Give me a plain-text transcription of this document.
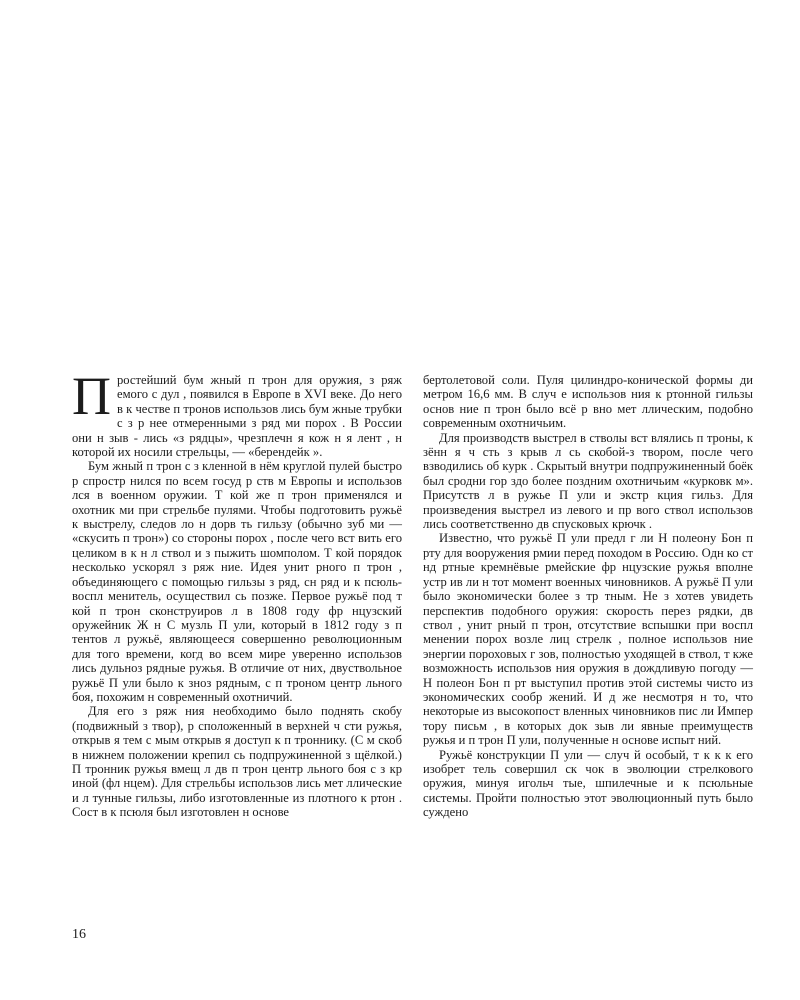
Простейший бум жный п трон для оружия, з ряж емого с дул , появился в Европе в XVI веке. До него в к честве п тронов использов лись бум жные трубки с з р нее отмеренными з ряд ми порох . В России они н зыв - лись «з рядцы», чрезплечн я кож н я лент , н которой их носили стрельцы, — «берендейк ».

Бум жный п трон с з кленной в нём круглой пулей быстро р спростр нился по всем госуд р ств м Европы и использов лся в военном оружии. Т кой же п трон применялся и охотник ми при стрельбе пулями. Чтобы подготовить ружьё к выстрелу, следов ло н дорв ть гильзу (обычно зуб ми — «скусить п трон») со стороны порох , после чего вст вить его целиком в к н л ствол и з пыжить шомполом. Т кой порядок несколько ускорял з ряж ние. Идея унит рного п трон , объединяющего с помощью гильзы з ряд, сн ряд и к псюль-воспл менитель, осуществил сь позже. Первое ружьё под т кой п трон сконструиров л в 1808 году фр нцузский оружейник Ж н С музль П ули, который в 1812 году з п тентов л ружьё, являющееся совершенно революционным для того времени, когд во всем мире уверенно использов лись дульноз рядные ружья. В отличие от них, двуствольное ружьё П ули было к зноз рядным, с п троном центр льного боя, похожим н современный охотничий.

Для его з ряж ния необходимо было поднять скобу (подвижный з твор), р сположенный в верхней ч сти ружья, открыв я тем с мым открыв я доступ к п троннику. (С м скоб в нижнем положении крепил сь подпружиненной з щёлкой.) П тронник ружья вмещ л дв п трон центр льного боя с з кр иной (фл нцем). Для стрельбы использов лись мет ллические и л тунные гильзы, либо изготовленные из плотного к ртон . Сост в к псюля был изготовлен н основе

бертолетовой соли. Пуля цилиндро-конической формы ди метром 16,6 мм. В случ е использов ния к ртонной гильзы основ ние п трон было всё р вно мет ллическим, подобно современным охотничьим.

Для производств выстрел в стволы вст влялись п троны, к зённ я ч сть з крыв л сь скобой-з твором, после чего взводились об курк . Скрытый внутри подпружиненный боёк был сродни гор здо более поздним охотничьим «курковк м». Присутств л в ружье П ули и экстр кция гильз. Для произведения выстрел из левого и пр вого ствол использов лись соответственно дв спусковых крючк .

Известно, что ружьё П ули предл г ли Н полеону Бон п рту для вооружения рмии перед походом в Россию. Одн ко ст нд ртные кремнёвые рмейские фр нцузские ружья вполне устр ив ли н тот момент военных чиновников. А ружьё П ули было экономически более з тр тным. Не з хотев увидеть перспектив подобного оружия: скорость перез рядки, дв ствол , унит рный п трон, отсутствие вспышки при воспл менении порох возле лиц стрелк , полное использов ние энергии пороховых г зов, полностью уходящей в ствол, т кже возможность использов ния оружия в дождливую погоду — Н полеон Бон п рт выступил против этой системы чисто из экономических сообр жений. И д же несмотря н то, что некоторые из высокопост вленных чиновников пис ли Импер тору письм , в которых док зыв ли явные преимуществ ружья и п трон П ули, полученные н основе испыт ний.

Ружьё конструкции П ули — случ й особый, т к к к его изобрет тель совершил ск чок в эволюции стрелкового оружия, минуя игольч тые, шпилечные и к псюльные системы. Пройти полностью этот эволюционный путь было суждено

16
